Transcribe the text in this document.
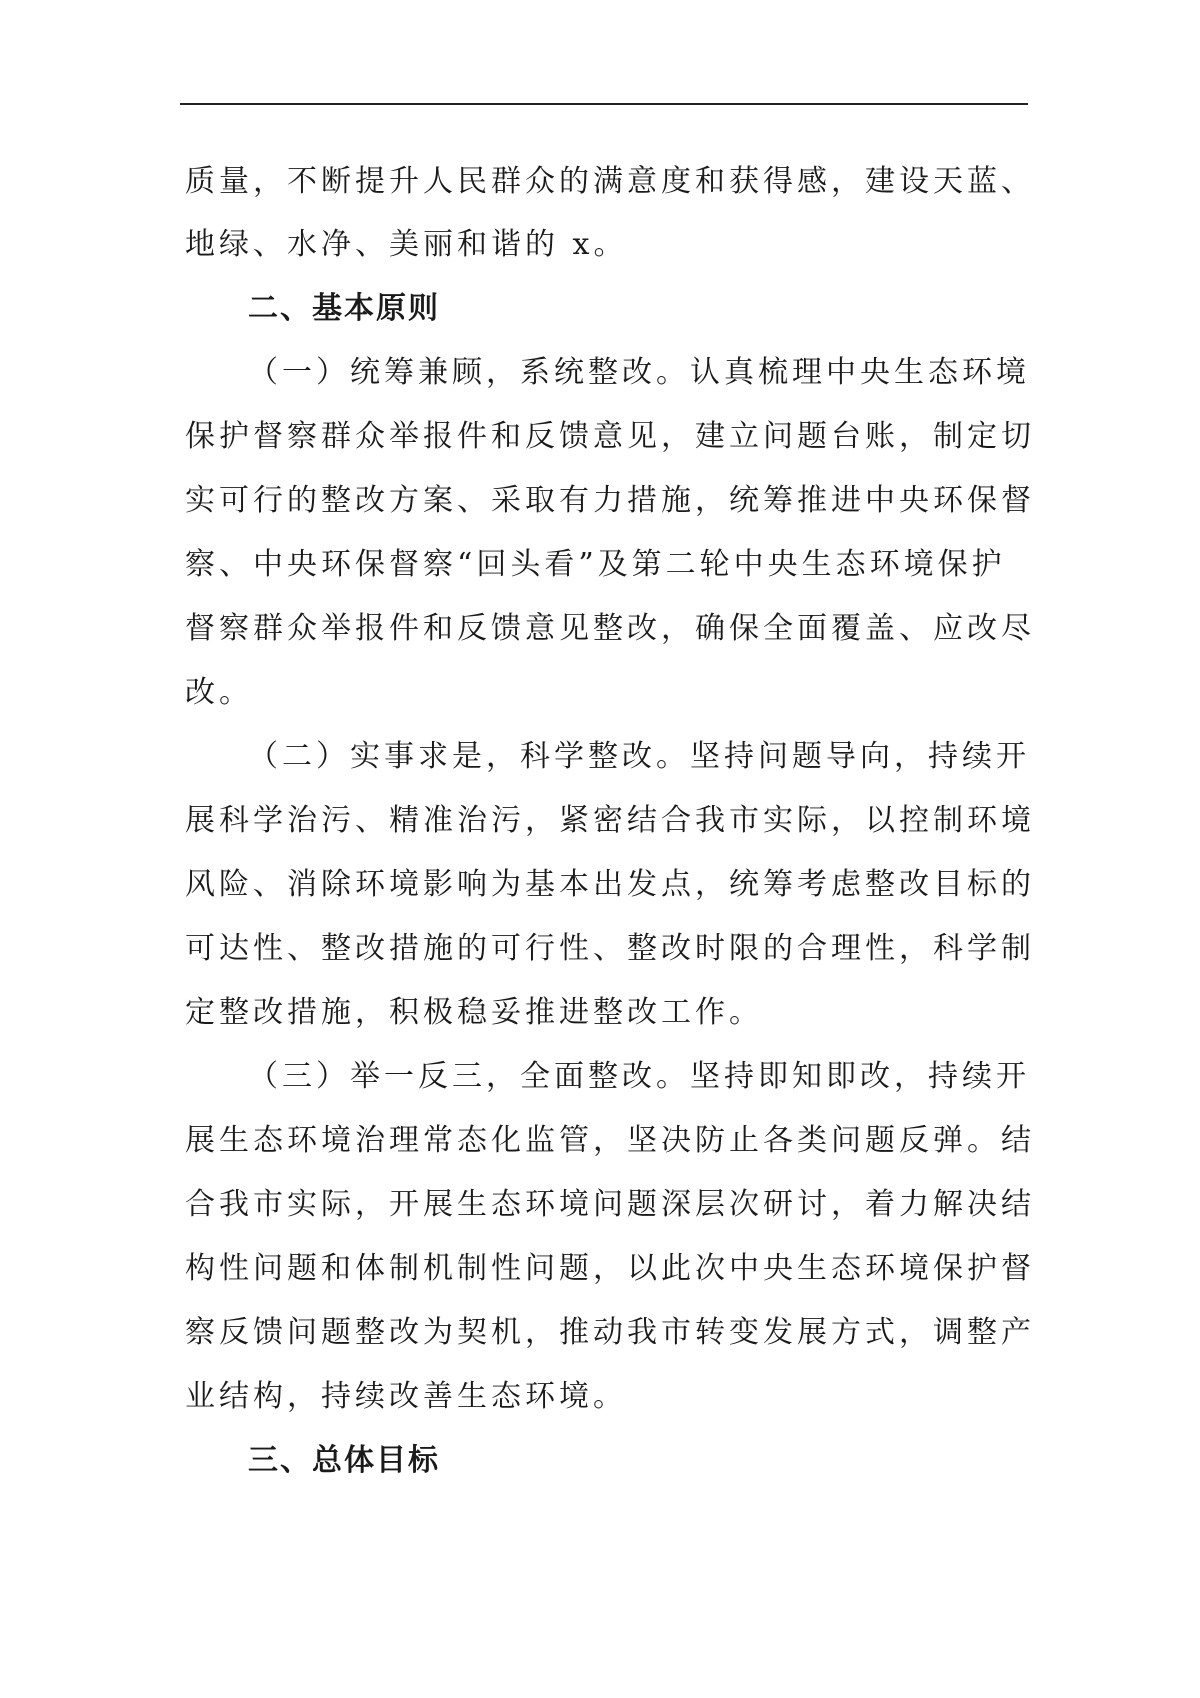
质量，不断提升人民群众的满意度和获得感，建设天蓝、
地绿、水净、美丽和谐的 x。
二、基本原则
（一）统筹兼顾，系统整改。认真梳理中央生态环境
保护督察群众举报件和反馈意见，建立问题台账，制定切
实可行的整改方案、采取有力措施，统筹推进中央环保督
察、中央环保督察“回头看”及第二轮中央生态环境保护
督察群众举报件和反馈意见整改，确保全面覆盖、应改尽
改。
（二）实事求是，科学整改。坚持问题导向，持续开
展科学治污、精准治污，紧密结合我市实际，以控制环境
风险、消除环境影响为基本出发点，统筹考虑整改目标的
可达性、整改措施的可行性、整改时限的合理性，科学制
定整改措施，积极稳妥推进整改工作。
（三）举一反三，全面整改。坚持即知即改，持续开
展生态环境治理常态化监管，坚决防止各类问题反弹。结
合我市实际，开展生态环境问题深层次研讨，着力解决结
构性问题和体制机制性问题，以此次中央生态环境保护督
察反馈问题整改为契机，推动我市转变发展方式，调整产
业结构，持续改善生态环境。
三、总体目标
